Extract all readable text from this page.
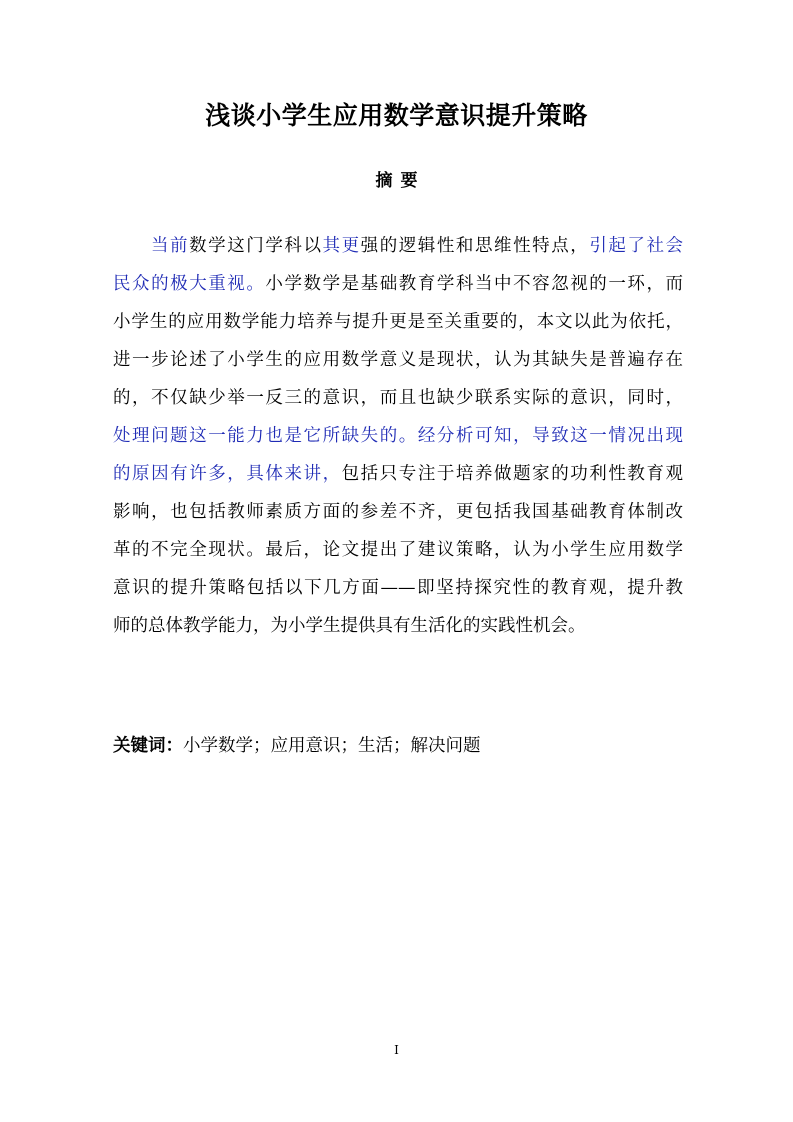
浅谈小学生应用数学意识提升策略
摘 要
当前数学这门学科以其更强的逻辑性和思维性特点，引起了社会
民众的极大重视。小学数学是基础教育学科当中不容忽视的一环，而
小学生的应用数学能力培养与提升更是至关重要的，本文以此为依托，
进一步论述了小学生的应用数学意义是现状，认为其缺失是普遍存在
的，不仅缺少举一反三的意识，而且也缺少联系实际的意识，同时，
处理问题这一能力也是它所缺失的。经分析可知，导致这一情况出现
的原因有许多，具体来讲，包括只专注于培养做题家的功利性教育观
影响，也包括教师素质方面的参差不齐，更包括我国基础教育体制改
革的不完全现状。最后，论文提出了建议策略，认为小学生应用数学
意识的提升策略包括以下几方面——即坚持探究性的教育观，提升教
师的总体教学能力，为小学生提供具有生活化的实践性机会。
关键词：小学数学；应用意识；生活；解决问题
I
